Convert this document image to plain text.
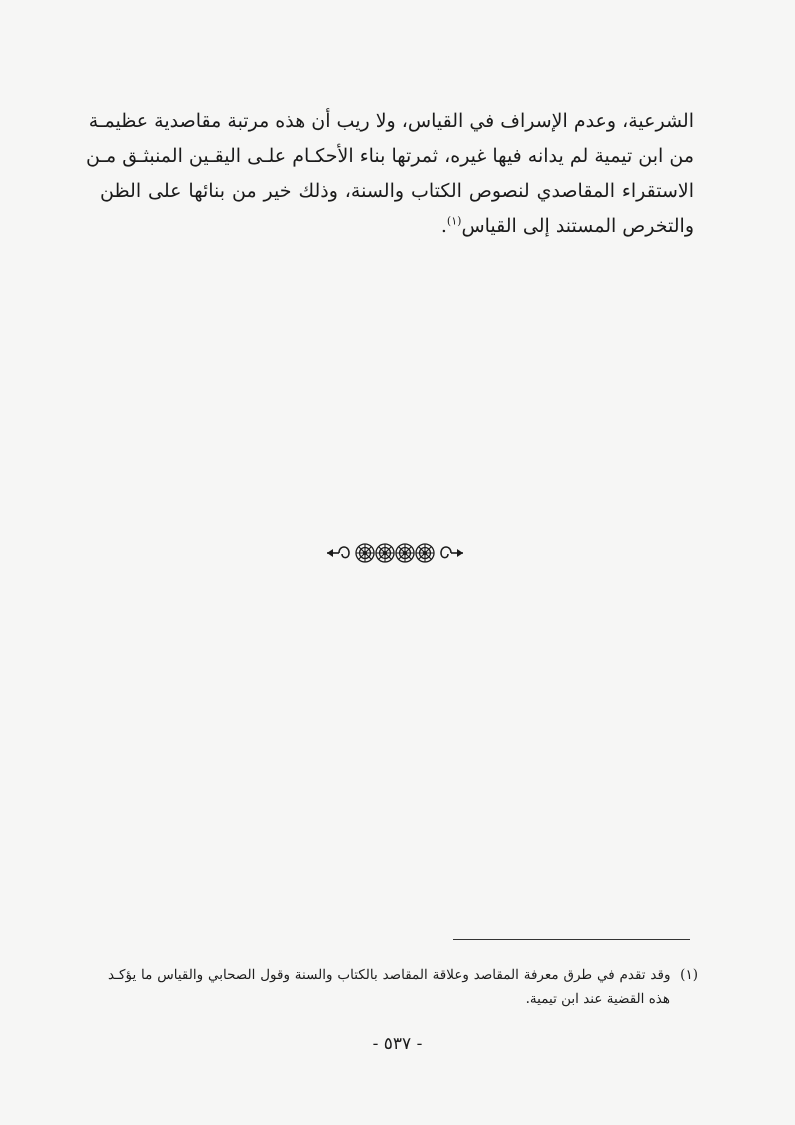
الشرعية، وعدم الإسراف في القياس، ولا ريب أن هذه مرتبة مقاصدية عظيمـة
من ابن تيمية لم يدانه فيها غيره، ثمرتها بناء الأحكـام علـى اليقـين المنبثـق مـن
الاستقراء المقاصدي لنصوص الكتاب والسنة، وذلك خير من بنائها على الظن
والتخرص المستند إلى القياس$^{(١)}$.
(١)  وقد تقدم في طرق معرفة المقاصد وعلاقة المقاصد بالكتاب والسنة وقول الصحابي والقياس ما يؤكـد
هذه القضية عند ابن تيمية.
- ٥٣٧ -
